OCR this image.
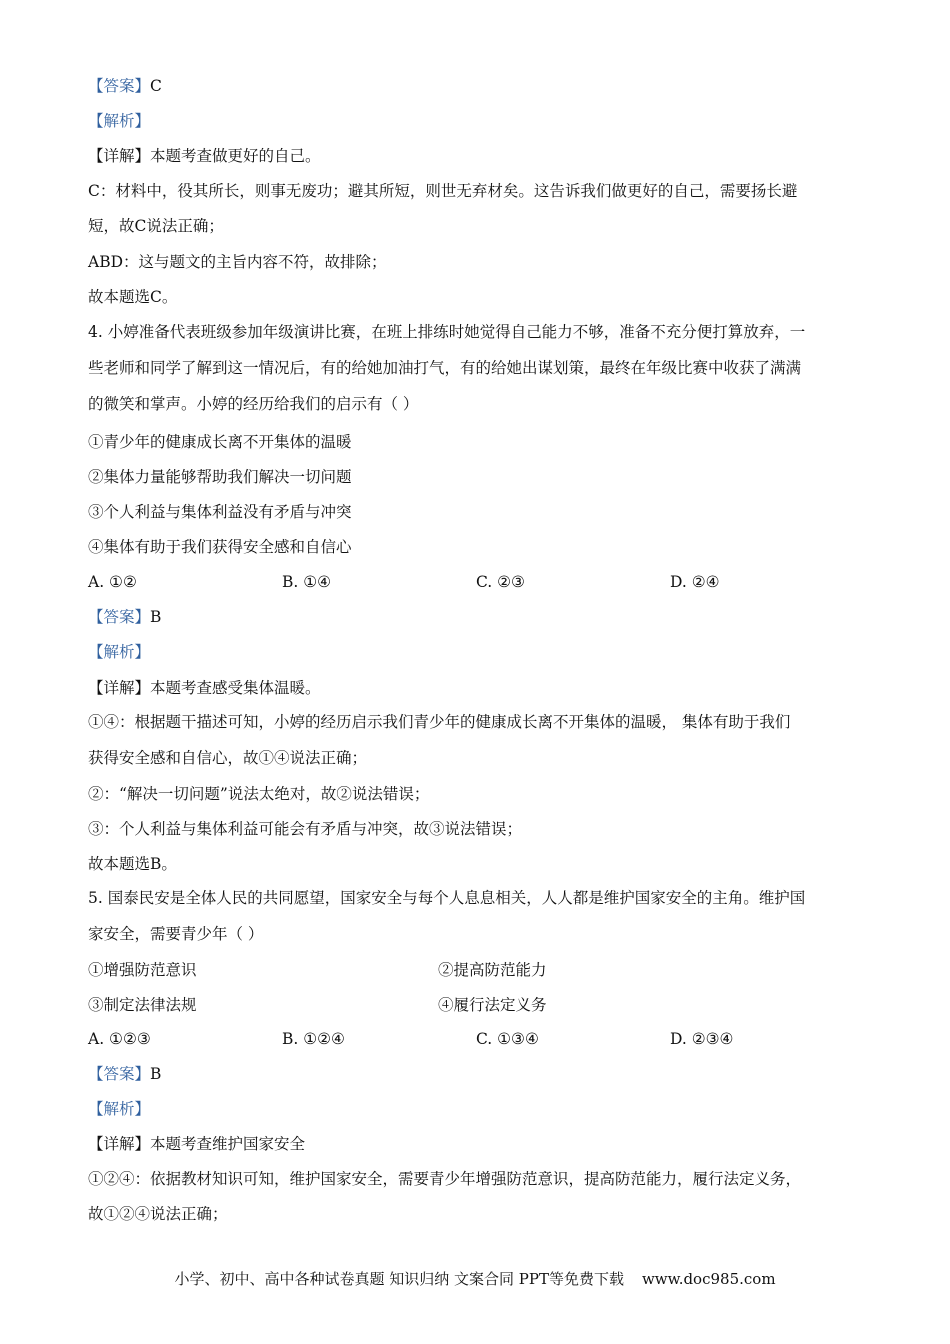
【答案】C
【解析】
【详解】本题考查做更好的自己。
C：材料中，役其所长，则事无废功；避其所短，则世无弃材矣。这告诉我们做更好的自己，需要扬长避
短，故C说法正确；
ABD：这与题文的主旨内容不符，故排除；
故本题选C。
4. 小婷准备代表班级参加年级演讲比赛，在班上排练时她觉得自己能力不够，准备不充分便打算放弃，一
些老师和同学了解到这一情况后，有的给她加油打气，有的给她出谋划策，最终在年级比赛中收获了满满
的微笑和掌声。小婷的经历给我们的启示有（ ）
①青少年的健康成长离不开集体的温暖
②集体力量能够帮助我们解决一切问题
③个人利益与集体利益没有矛盾与冲突
④集体有助于我们获得安全感和自信心
A. ①②	B. ①④	C. ②③	D. ②④
【答案】B
【解析】
【详解】本题考查感受集体温暖。
①④：根据题干描述可知，小婷的经历启示我们青少年的健康成长离不开集体的温暖， 集体有助于我们
获得安全感和自信心，故①④说法正确；
②：“解决一切问题”说法太绝对，故②说法错误；
③：个人利益与集体利益可能会有矛盾与冲突，故③说法错误；
故本题选B。
5. 国泰民安是全体人民的共同愿望，国家安全与每个人息息相关，人人都是维护国家安全的主角。维护国
家安全，需要青少年（ ）
①增强防范意识	②提高防范能力
③制定法律法规	④履行法定义务
A. ①②③	B. ①②④	C. ①③④	D. ②③④
【答案】B
【解析】
【详解】本题考查维护国家安全
①②④：依据教材知识可知，维护国家安全，需要青少年增强防范意识，提高防范能力，履行法定义务，
故①②④说法正确；
小学、初中、高中各种试卷真题 知识归纳 文案合同 PPT等免费下载 www.doc985.com
